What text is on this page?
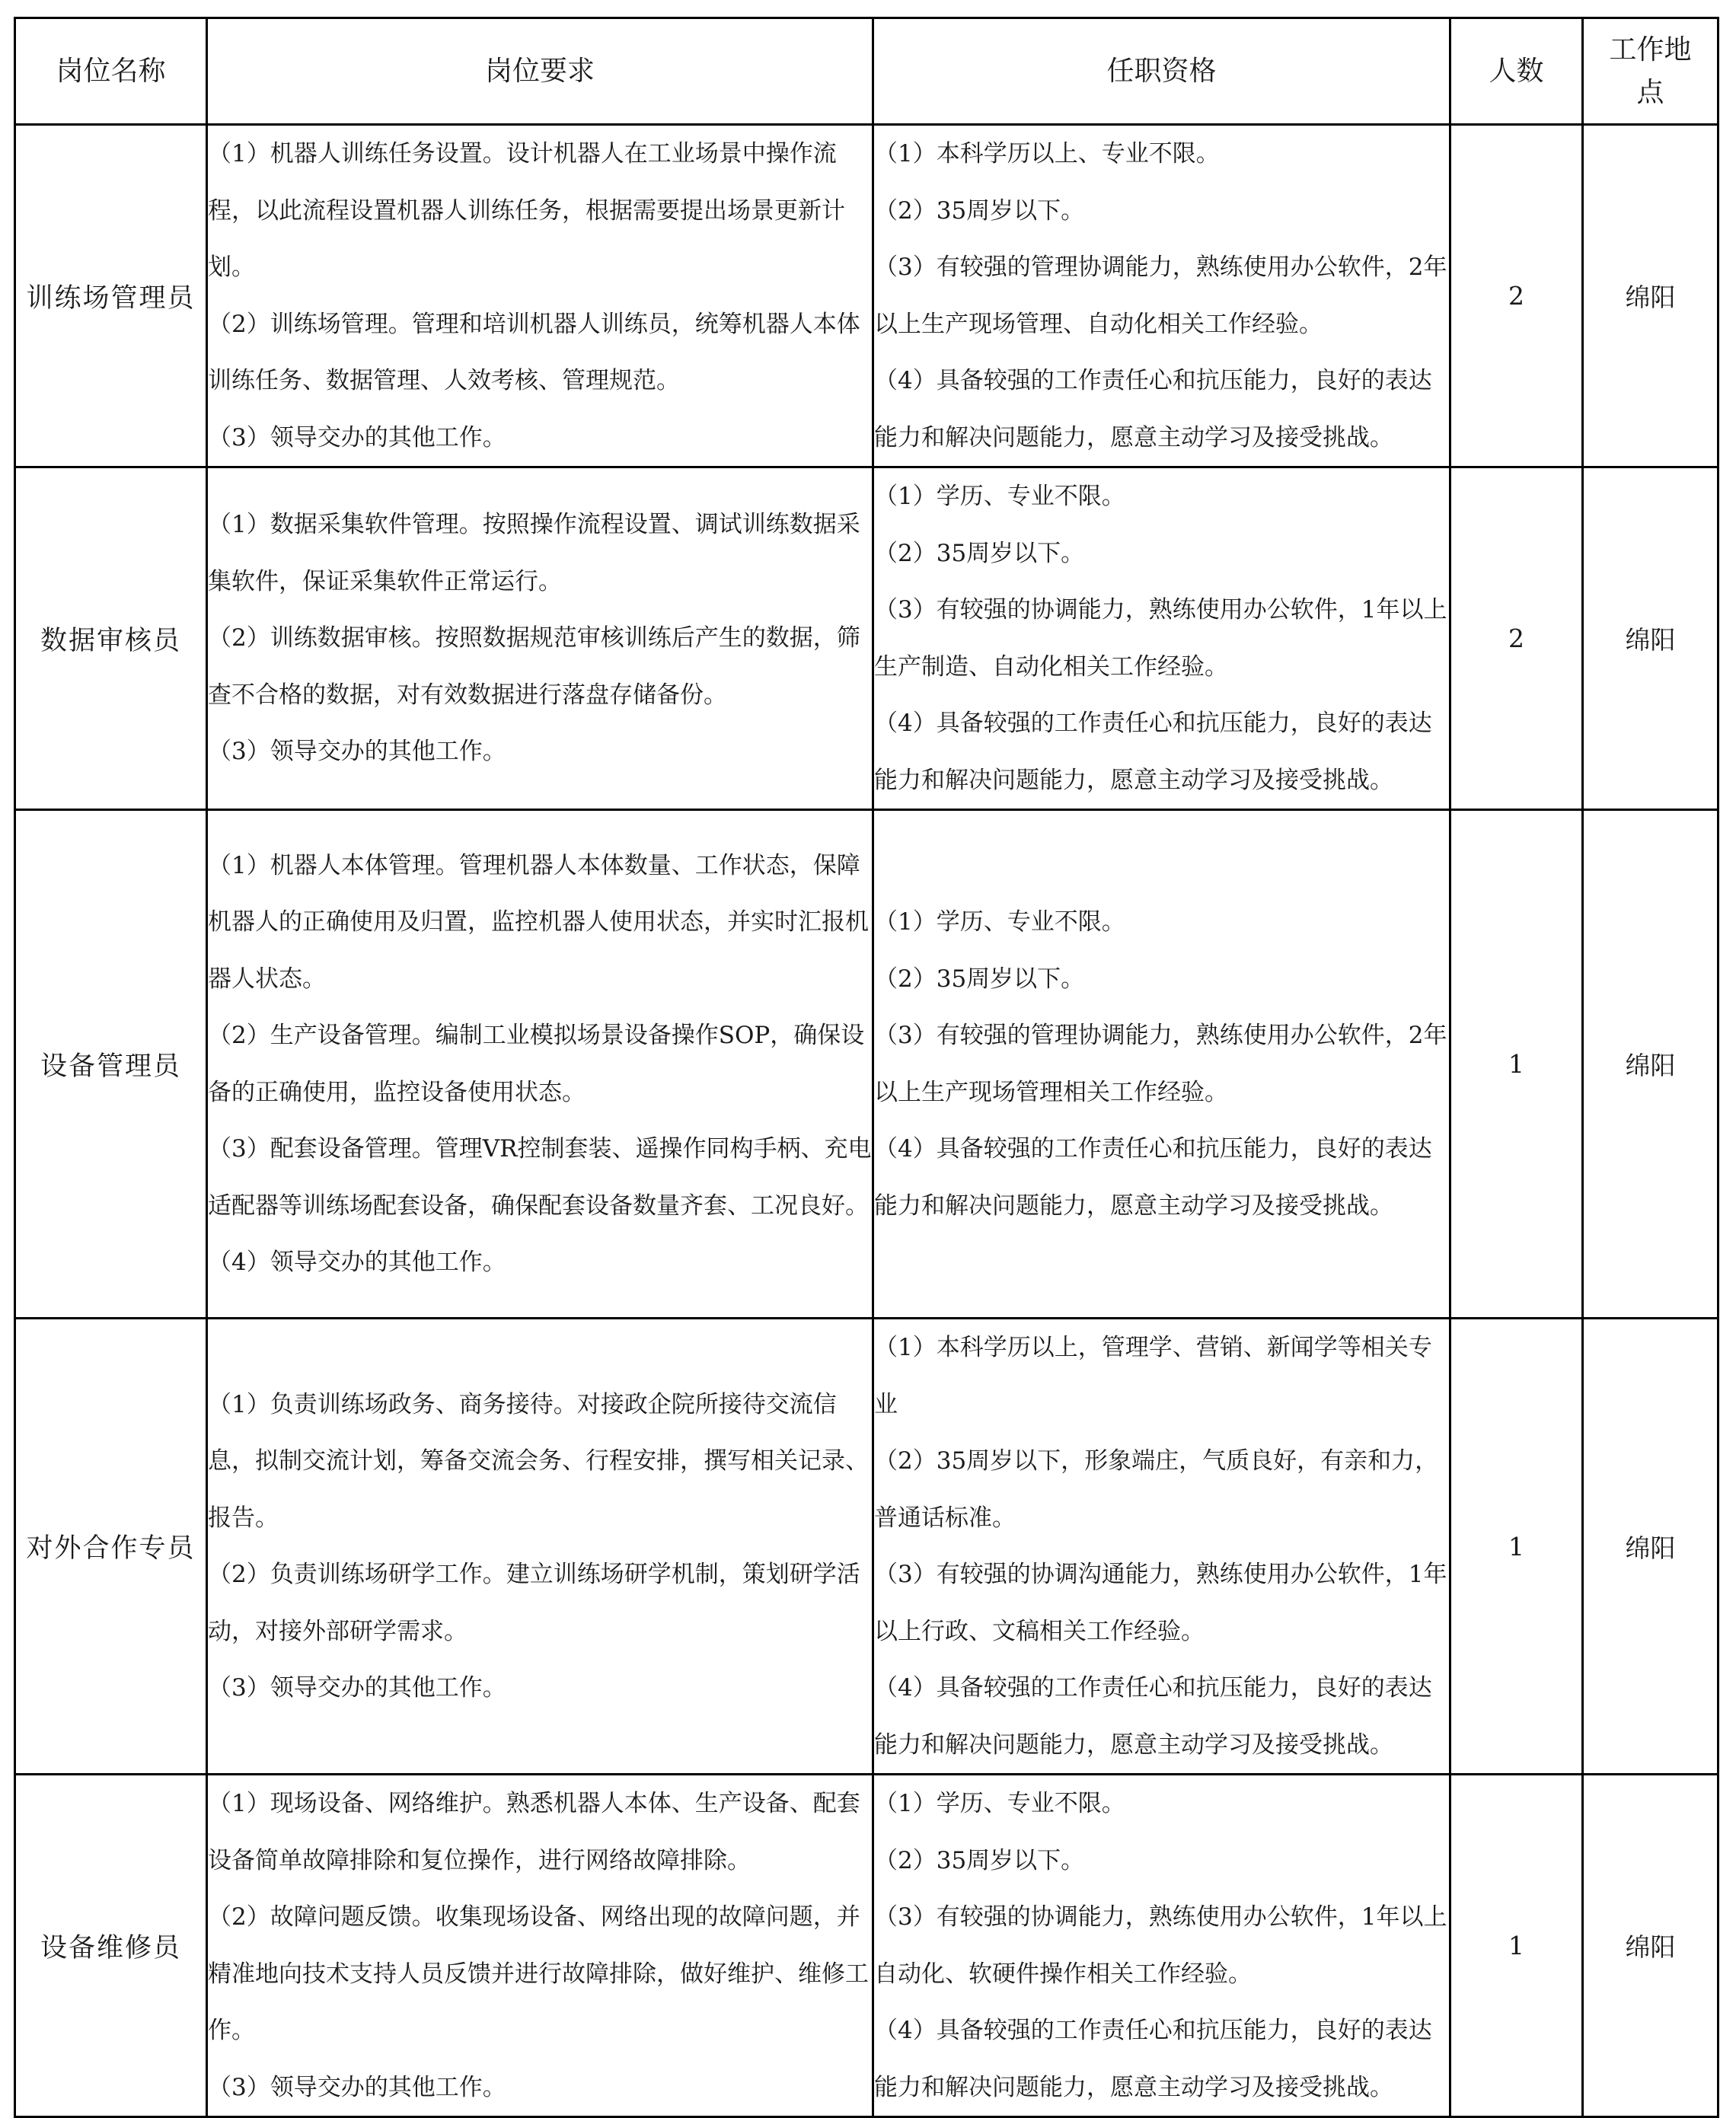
岗位名称	岗位要求	任职资格	人数	工作地点
训练场管理员	（1）机器人训练任务设置。设计机器人在工业场景中操作流程，以此流程设置机器人训练任务，根据需要提出场景更新计划。
（2）训练场管理。管理和培训机器人训练员，统筹机器人本体训练任务、数据管理、人效考核、管理规范。
（3）领导交办的其他工作。	（1）本科学历以上、专业不限。
（2）35周岁以下。
（3）有较强的管理协调能力，熟练使用办公软件，2年以上生产现场管理、自动化相关工作经验。
（4）具备较强的工作责任心和抗压能力，良好的表达能力和解决问题能力，愿意主动学习及接受挑战。	2	绵阳
数据审核员	（1）数据采集软件管理。按照操作流程设置、调试训练数据采集软件，保证采集软件正常运行。
（2）训练数据审核。按照数据规范审核训练后产生的数据，筛查不合格的数据，对有效数据进行落盘存储备份。
（3）领导交办的其他工作。	（1）学历、专业不限。
（2）35周岁以下。
（3）有较强的协调能力，熟练使用办公软件，1年以上生产制造、自动化相关工作经验。
（4）具备较强的工作责任心和抗压能力，良好的表达能力和解决问题能力，愿意主动学习及接受挑战。	2	绵阳
设备管理员	（1）机器人本体管理。管理机器人本体数量、工作状态，保障机器人的正确使用及归置，监控机器人使用状态，并实时汇报机器人状态。
（2）生产设备管理。编制工业模拟场景设备操作SOP，确保设备的正确使用，监控设备使用状态。
（3）配套设备管理。管理VR控制套装、遥操作同构手柄、充电适配器等训练场配套设备，确保配套设备数量齐套、工况良好。
（4）领导交办的其他工作。	（1）学历、专业不限。
（2）35周岁以下。
（3）有较强的管理协调能力，熟练使用办公软件，2年以上生产现场管理相关工作经验。
（4）具备较强的工作责任心和抗压能力，良好的表达能力和解决问题能力，愿意主动学习及接受挑战。	1	绵阳
对外合作专员	（1）负责训练场政务、商务接待。对接政企院所接待交流信息，拟制交流计划，筹备交流会务、行程安排，撰写相关记录、报告。
（2）负责训练场研学工作。建立训练场研学机制，策划研学活动，对接外部研学需求。
（3）领导交办的其他工作。	（1）本科学历以上，管理学、营销、新闻学等相关专业
（2）35周岁以下，形象端庄，气质良好，有亲和力，普通话标准。
（3）有较强的协调沟通能力，熟练使用办公软件，1年以上行政、文稿相关工作经验。
（4）具备较强的工作责任心和抗压能力，良好的表达能力和解决问题能力，愿意主动学习及接受挑战。	1	绵阳
设备维修员	（1）现场设备、网络维护。熟悉机器人本体、生产设备、配套设备简单故障排除和复位操作，进行网络故障排除。
（2）故障问题反馈。收集现场设备、网络出现的故障问题，并精准地向技术支持人员反馈并进行故障排除，做好维护、维修工作。
（3）领导交办的其他工作。	（1）学历、专业不限。
（2）35周岁以下。
（3）有较强的协调能力，熟练使用办公软件，1年以上自动化、软硬件操作相关工作经验。
（4）具备较强的工作责任心和抗压能力，良好的表达能力和解决问题能力，愿意主动学习及接受挑战。	1	绵阳
